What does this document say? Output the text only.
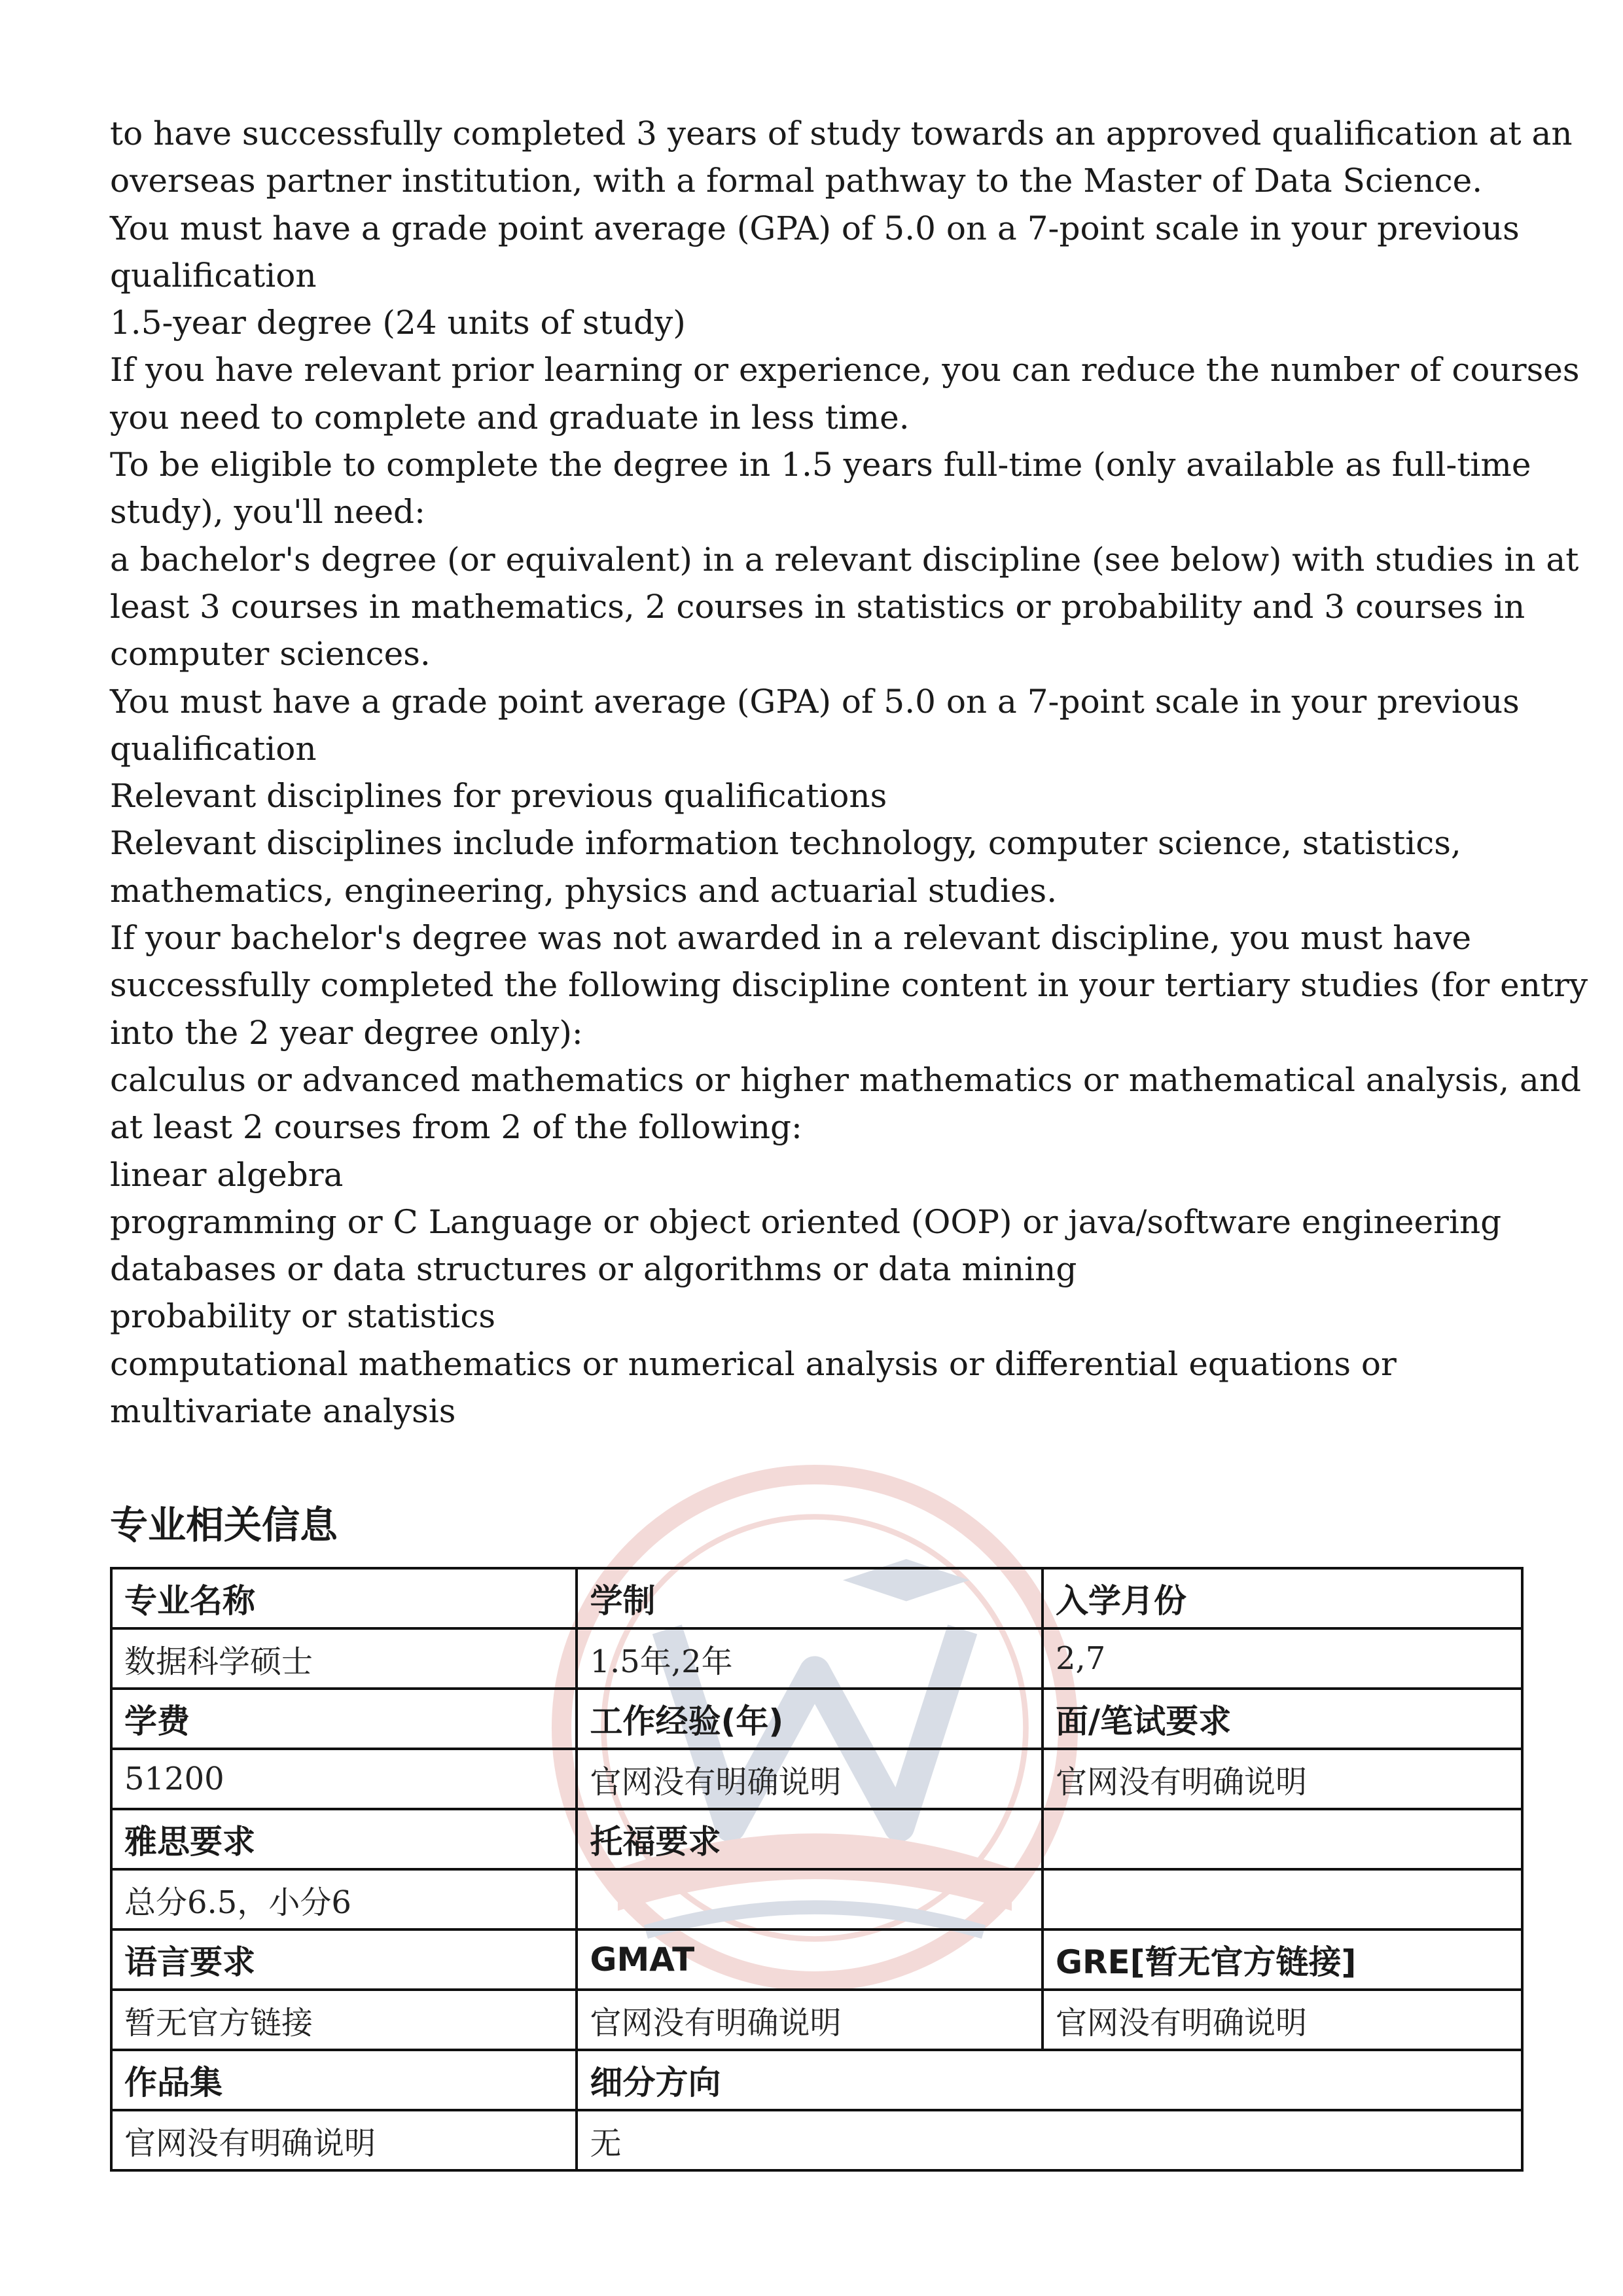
to have successfully completed 3 years of study towards an approved qualification at an

overseas partner institution, with a formal pathway to the Master of Data Science.

You must have a grade point average (GPA) of 5.0 on a 7-point scale in your previous

qualification

1.5-year degree (24 units of study)

If you have relevant prior learning or experience, you can reduce the number of courses

you need to complete and graduate in less time.

To be eligible to complete the degree in 1.5 years full-time (only available as full-time

study), you'll need:

a bachelor's degree (or equivalent) in a relevant discipline (see below) with studies in at

least 3 courses in mathematics, 2 courses in statistics or probability and 3 courses in

computer sciences.

You must have a grade point average (GPA) of 5.0 on a 7-point scale in your previous

qualification

Relevant disciplines for previous qualifications

Relevant disciplines include information technology, computer science, statistics,

mathematics, engineering, physics and actuarial studies.

If your bachelor's degree was not awarded in a relevant discipline, you must have

successfully completed the following discipline content in your tertiary studies (for entry

into the 2 year degree only):

calculus or advanced mathematics or higher mathematics or mathematical analysis, and

at least 2 courses from 2 of the following:

linear algebra

programming or C Language or object oriented (OOP) or java/software engineering

databases or data structures or algorithms or data mining

probability or statistics

computational mathematics or numerical analysis or differential equations or

multivariate analysis

专业相关信息
专业名称	学制	入学月份
数据科学硕士	1.5年,2年	2,7
学费	工作经验(年)	面/笔试要求
51200	官网没有明确说明	官网没有明确说明
雅思要求	托福要求	
总分6.5，小分6		
语言要求	GMAT	GRE[暂无官方链接]
暂无官方链接	官网没有明确说明	官网没有明确说明
作品集	细分方向	
官网没有明确说明	无	
